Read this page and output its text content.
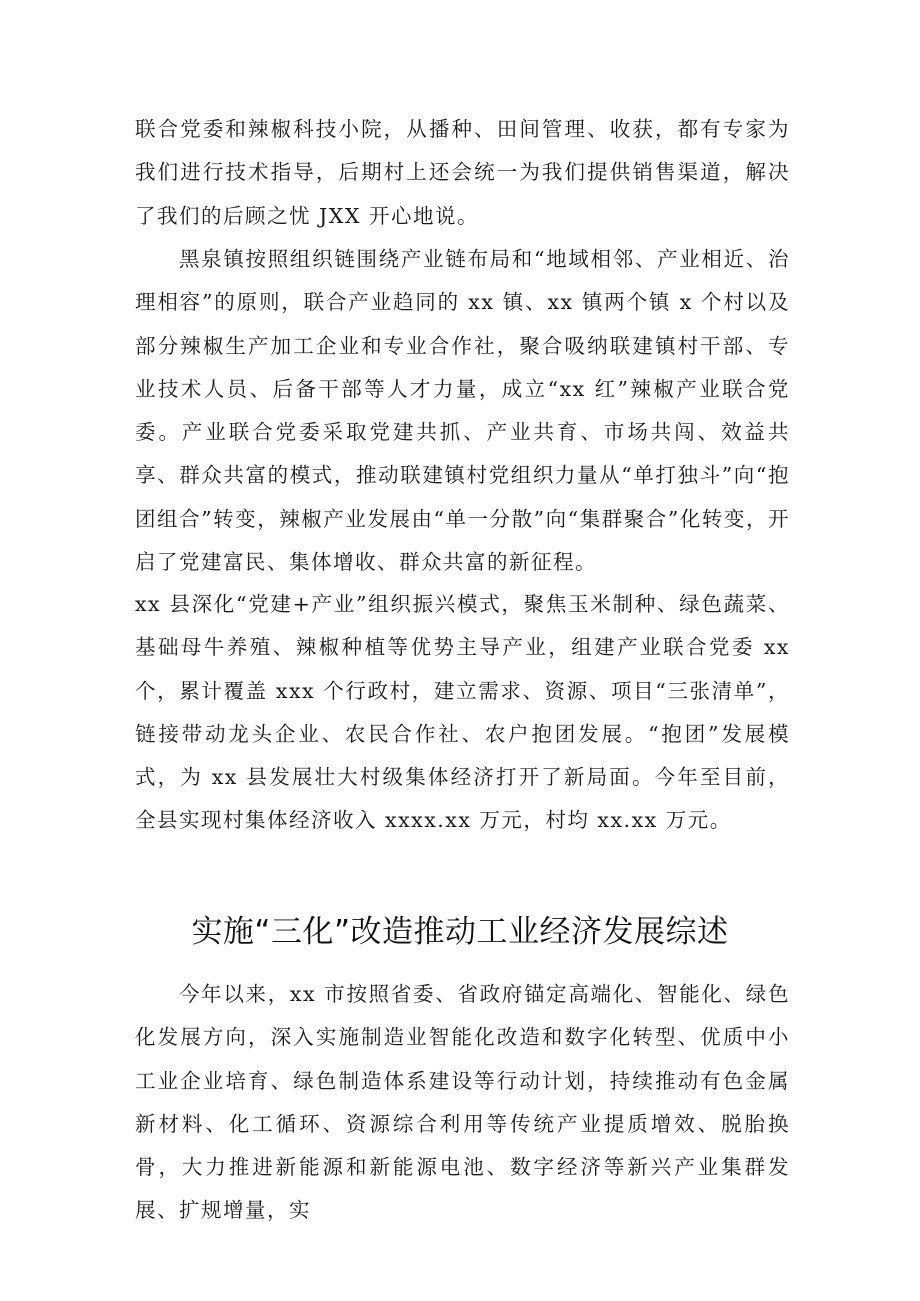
联合党委和辣椒科技小院，从播种、田间管理、收获，都有专家为我们进行技术指导，后期村上还会统一为我们提供销售渠道，解决了我们的后顾之忧 JXX 开心地说。

黑泉镇按照组织链围绕产业链布局和“地域相邻、产业相近、治理相容”的原则，联合产业趋同的 xx 镇、xx 镇两个镇 x 个村以及部分辣椒生产加工企业和专业合作社，聚合吸纳联建镇村干部、专业技术人员、后备干部等人才力量，成立“xx 红”辣椒产业联合党委。产业联合党委采取党建共抓、产业共育、市场共闯、效益共享、群众共富的模式，推动联建镇村党组织力量从“单打独斗”向“抱团组合”转变，辣椒产业发展由“单一分散”向“集群聚合”化转变，开启了党建富民、集体增收、群众共富的新征程。

xx 县深化“党建+产业”组织振兴模式，聚焦玉米制种、绿色蔬菜、基础母牛养殖、辣椒种植等优势主导产业，组建产业联合党委 xx 个，累计覆盖 xxx 个行政村，建立需求、资源、项目“三张清单”，链接带动龙头企业、农民合作社、农户抱团发展。“抱团”发展模式，为 xx 县发展壮大村级集体经济打开了新局面。今年至目前，全县实现村集体经济收入 xxxx.xx 万元，村均 xx.xx 万元。

实施“三化”改造推动工业经济发展综述

今年以来，xx 市按照省委、省政府锚定高端化、智能化、绿色化发展方向，深入实施制造业智能化改造和数字化转型、优质中小工业企业培育、绿色制造体系建设等行动计划，持续推动有色金属新材料、化工循环、资源综合利用等传统产业提质增效、脱胎换骨，大力推进新能源和新能源电池、数字经济等新兴产业集群发展、扩规增量，实
